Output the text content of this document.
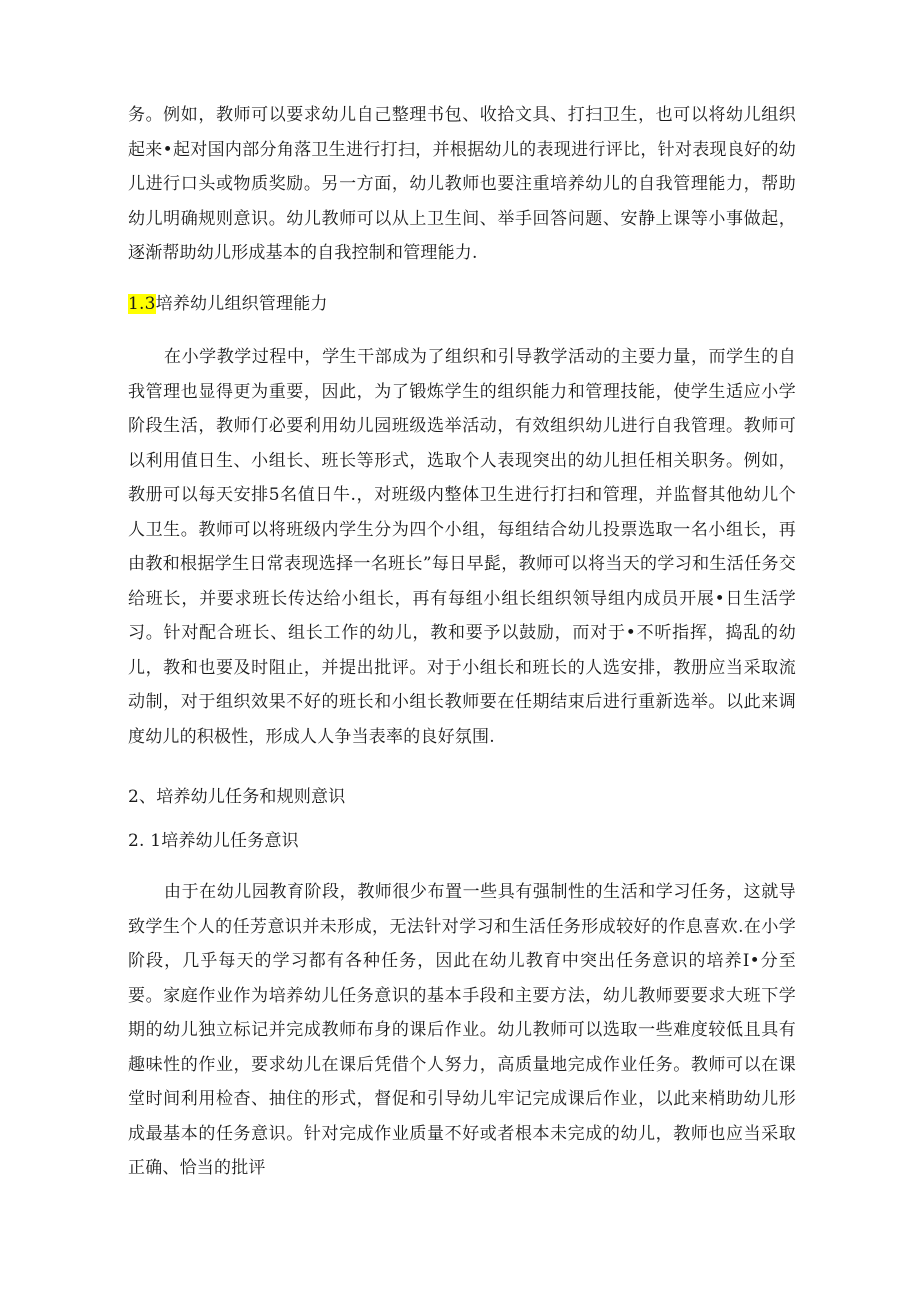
务。例如，教师可以要求幼儿自己整理书包、收拾文具、打扫卫生，也可以将幼儿组织起来•起对国内部分角落卫生进行打扫，并根据幼儿的表现进行评比，针对表现良好的幼儿进行口头或物质奖励。另一方面，幼儿教师也要注重培养幼儿的自我管理能力，帮助幼儿明确规则意识。幼儿教师可以从上卫生间、举手回答问题、安静上课等小事做起，逐渐帮助幼儿形成基本的自我控制和管理能力.

1.3培养幼儿组织管理能力

在小学教学过程中，学生干部成为了组织和引导教学活动的主要力量，而学生的自我管理也显得更为重要，因此，为了锻炼学生的组织能力和管理技能，使学生适应小学阶段生活，教师仃必要利用幼儿园班级选举活动，有效组织幼儿进行自我管理。教师可以利用值日生、小组长、班长等形式，选取个人表现突出的幼儿担任相关职务。例如，教册可以每天安排5名值日牛.，对班级内整体卫生进行打扫和管理，并监督其他幼儿个人卫生。教师可以将班级内学生分为四个小组，每组结合幼儿投票选取一名小组长，再由教和根据学生日常表现选择一名班长”每日早髭，教师可以将当天的学习和生活任务交给班长，并要求班长传达给小组长，再有每组小组长组织领导组内成员开展•日生活学习。针对配合班长、组长工作的幼儿，教和要予以鼓励，而对于•不听指挥，捣乱的幼儿，教和也要及时阻止，并提出批评。对于小组长和班长的人选安排，教册应当采取流动制，对于组织效果不好的班长和小组长教师要在任期结束后进行重新选举。以此来调度幼儿的积极性，形成人人争当表率的良好氛围.

2、培养幼儿任务和规则意识

2. 1培养幼儿任务意识

由于在幼儿园教育阶段，教师很少布置一些具有强制性的生活和学习任务，这就导致学生个人的任芳意识并未形成，无法针对学习和生活任务形成较好的作息喜欢.在小学阶段，几乎每天的学习都有各种任务，因此在幼儿教育中突出任务意识的培养I•分至要。家庭作业作为培养幼儿任务意识的基本手段和主要方法，幼儿教师要要求大班下学期的幼儿独立标记并完成教师布身的课后作业。幼儿教师可以选取一些难度较低且具有趣味性的作业，要求幼儿在课后凭借个人努力，高质量地完成作业任务。教师可以在课堂时间利用检杳、抽住的形式，督促和引导幼儿牢记完成课后作业，以此来梢助幼儿形成最基本的任务意识。针对完成作业质量不好或者根本未完成的幼儿，教师也应当采取正确、恰当的批评
